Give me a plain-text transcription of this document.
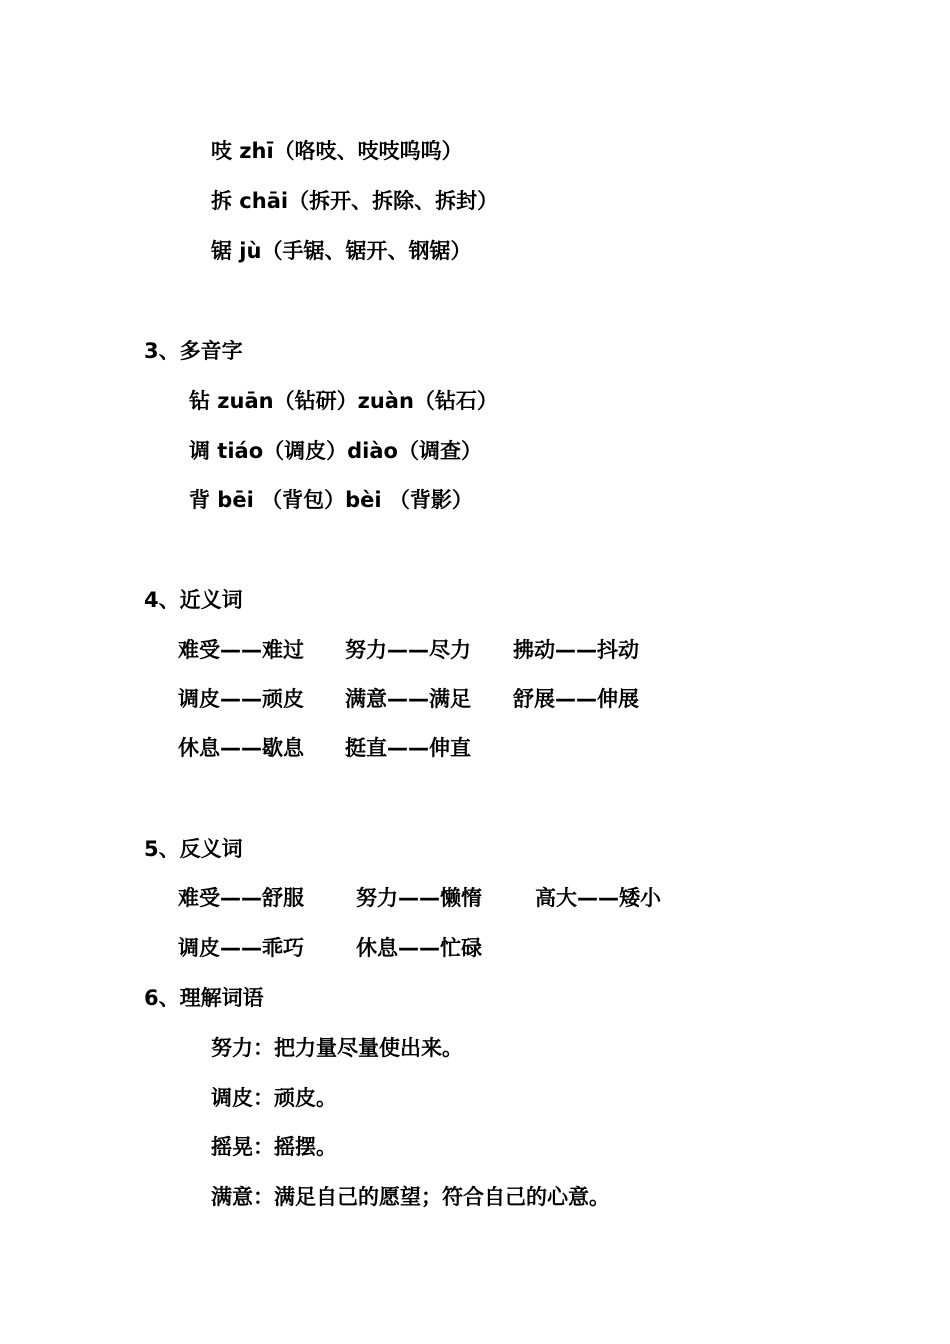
吱 zhī（咯吱、吱吱呜呜）
拆 chāi（拆开、拆除、拆封）
锯 jù（手锯、锯开、钢锯）
3、多音字
钻 zuān（钻研）zuàn（钻石）
调 tiáo（调皮）diào（调查）
背 bēi （背包）bèi （背影）
4、近义词
难受——难过 努力——尽力 拂动——抖动
调皮——顽皮 满意——满足 舒展——伸展
休息——歇息 挺直——伸直
5、反义词
难受——舒服 努力——懒惰	高大——矮小
调皮——乖巧 休息——忙碌
6、理解词语
努力：把力量尽量使出来。
调皮：顽皮。
摇晃：摇摆。
满意：满足自己的愿望；符合自己的心意。
